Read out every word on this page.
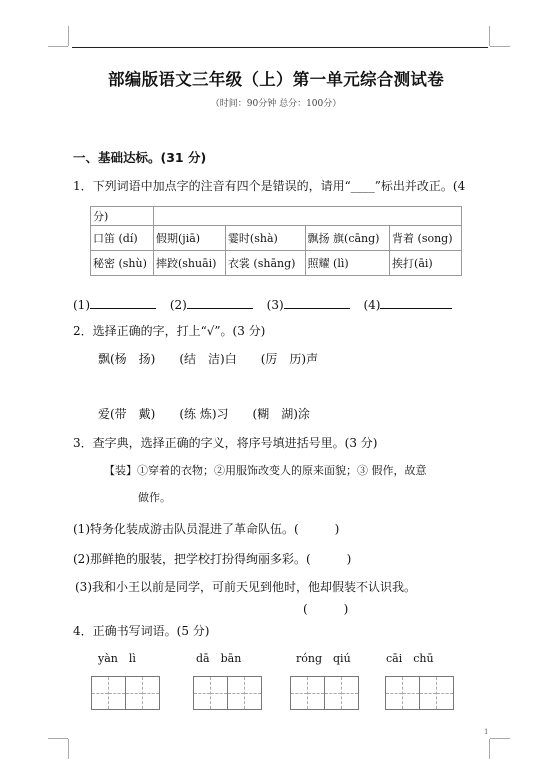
部编版语文三年级（上）第一单元综合测试卷
（时间：90分钟 总分：100分）
一、基础达标。(31 分)
1．下列词语中加点字的注音有四个是错误的，请用“____”标出并改正。(4
分)				
口笛 (dí)	假期(jiā)	霎时(shà)	飘扬 旗(cāng)	背着 (song)
秘密 (shù)	摔跤(shuāi)	衣裳 (shāng)	照耀 (lì)	挨打(āi)
(1)	(2)	(3)	(4)
2．选择正确的字，打上“√”。(3 分)
飘(杨　扬)　　(结　洁)白　　(厉　历)声
爱(带　戴)　　(练 炼)习　　(糊　湖)涂
3．查字典，选择正确的字义，将序号填进括号里。(3 分)
【装】①穿着的衣物；②用服饰改变人的原来面貌；③ 假作，故意
做作。
(1)特务化装成游击队员混进了革命队伍。(　　　)
(2)那鲜艳的服装，把学校打扮得绚丽多彩。(　　　)
(3)我和小王以前是同学，可前天见到他时，他却假装不认识我。
(　　　)
4．正确书写词语。(5 分)
yàn　lì	dā　bān	róng　qiú	cāi　chū
1
